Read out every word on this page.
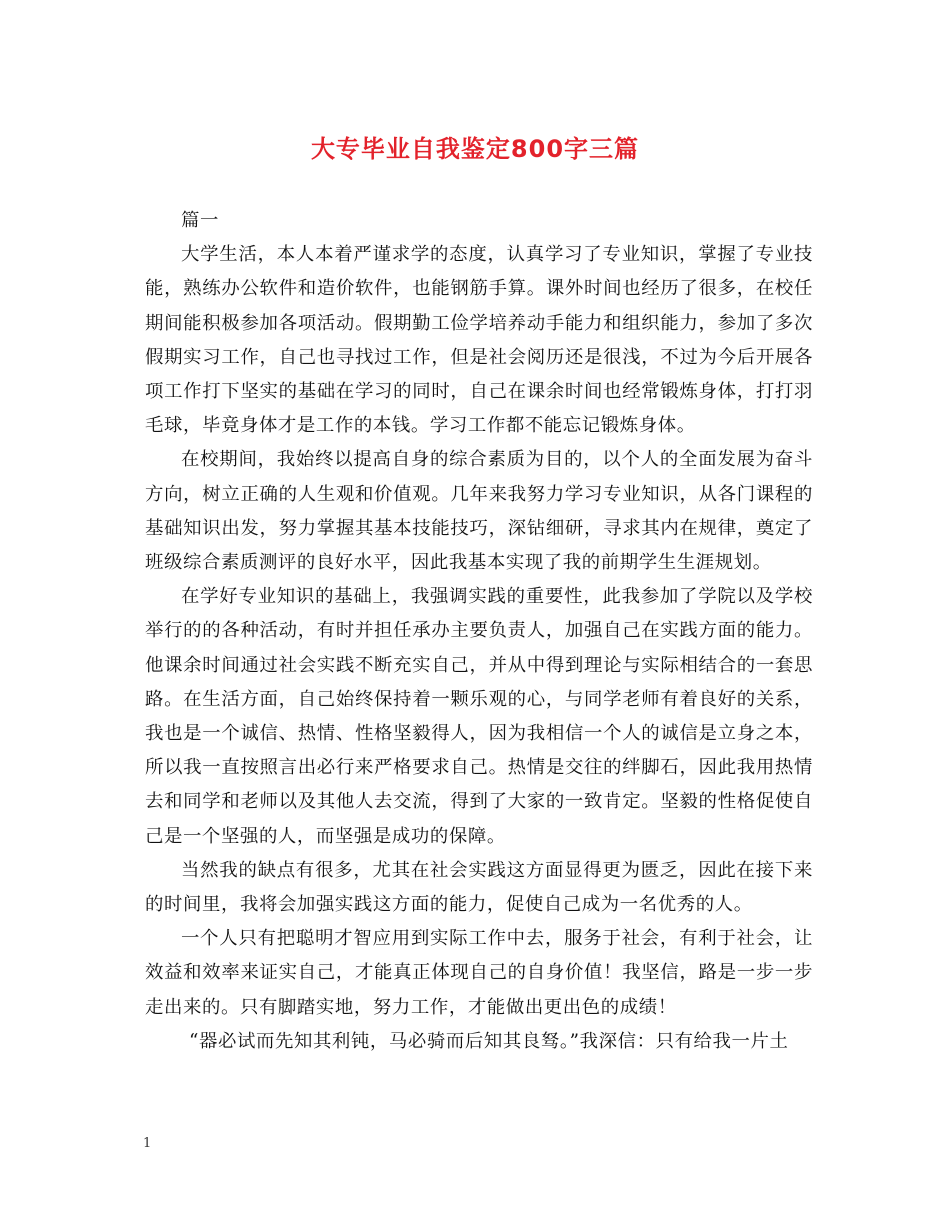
大专毕业自我鉴定800字三篇

篇一

大学生活，本人本着严谨求学的态度，认真学习了专业知识，掌握了专业技能，熟练办公软件和造价软件，也能钢筋手算。课外时间也经历了很多，在校任期间能积极参加各项活动。假期勤工俭学培养动手能力和组织能力，参加了多次假期实习工作，自己也寻找过工作，但是社会阅历还是很浅，不过为今后开展各项工作打下坚实的基础在学习的同时，自己在课余时间也经常锻炼身体，打打羽毛球，毕竟身体才是工作的本钱。学习工作都不能忘记锻炼身体。

在校期间，我始终以提高自身的综合素质为目的，以个人的全面发展为奋斗方向，树立正确的人生观和价值观。几年来我努力学习专业知识，从各门课程的基础知识出发，努力掌握其基本技能技巧，深钻细研，寻求其内在规律，奠定了班级综合素质测评的良好水平，因此我基本实现了我的前期学生生涯规划。

在学好专业知识的基础上，我强调实践的重要性，此我参加了学院以及学校举行的的各种活动，有时并担任承办主要负责人，加强自己在实践方面的能力。他课余时间通过社会实践不断充实自己，并从中得到理论与实际相结合的一套思路。在生活方面，自己始终保持着一颗乐观的心，与同学老师有着良好的关系，我也是一个诚信、热情、性格坚毅得人，因为我相信一个人的诚信是立身之本，所以我一直按照言出必行来严格要求自己。热情是交往的绊脚石，因此我用热情去和同学和老师以及其他人去交流，得到了大家的一致肯定。坚毅的性格促使自己是一个坚强的人，而坚强是成功的保障。

当然我的缺点有很多，尤其在社会实践这方面显得更为匮乏，因此在接下来的时间里，我将会加强实践这方面的能力，促使自己成为一名优秀的人。

一个人只有把聪明才智应用到实际工作中去，服务于社会，有利于社会，让效益和效率来证实自己，才能真正体现自己的自身价值！我坚信，路是一步一步走出来的。只有脚踏实地，努力工作，才能做出更出色的成绩！

“器必试而先知其利钝，马必骑而后知其良驽。”我深信：只有给我一片土

1
